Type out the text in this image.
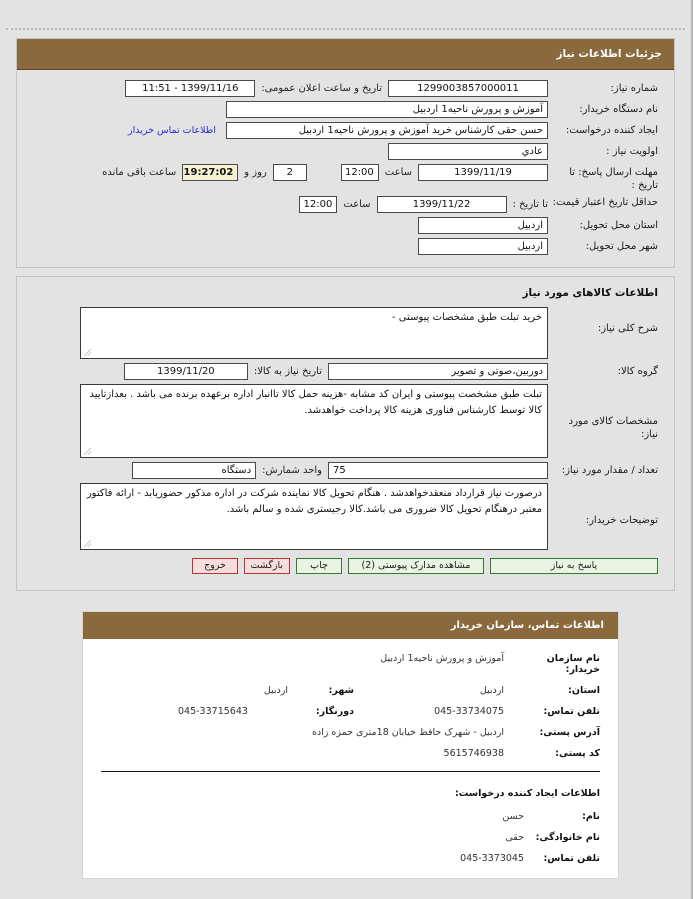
جزئیات اطلاعات نیاز
شماره نیاز:
1299003857000011
تاریخ و ساعت اعلان عمومی:
1399/11/16 - 11:51
نام دستگاه خریدار:
آموزش و پرورش ناحیه1 اردبیل
ایجاد کننده درخواست:
حسن حقی کارشناس خرید آموزش و پرورش ناحیه1 اردبیل
اطلاعات تماس خریدار
اولویت نیاز :
عادي
مهلت ارسال پاسخ: تا تاریخ :
1399/11/19
ساعت
12:00
2
روز و
19:27:02
ساعت باقی مانده
حداقل تاریخ اعتبار قیمت:
تا تاریخ :
1399/11/22
ساعت
12:00
استان محل تحویل:
اردبیل
شهر محل تحویل:
اردبیل
اطلاعات کالاهای مورد نیاز
شرح کلی نیاز:
خرید تبلت طبق مشخصات پیوستی -
گروه کالا:
دوربین،صوتی و تصویر
تاریخ نیاز به کالا:
1399/11/20
مشخصات کالای مورد نیاز:
تبلت طبق مشخصت پیوستی و ایران کد مشابه -هزینه حمل کالا تاانبار اداره برعهده برنده می باشد . بعدازتایید کالا توسط کارشناس فناوری هزینه کالا پرداخت خواهدشد.
تعداد / مقدار مورد نیاز:
75
واحد شمارش:
دستگاه
توضیحات خریدار:
درصورت نیاز قرارداد منعقدخواهدشد . هنگام تحویل کالا نماینده شرکت در اداره مذکور حضوریابد - ارائه فاکتور معتبر درهنگام تحویل کالا ضروری می باشد.کالا رجیستری شده و سالم باشد.
پاسخ به نیاز
مشاهده مدارک پیوستی (2)
چاپ
بازگشت
خروج
اطلاعات تماس، سازمان خریدار
نام سازمان خریدار:
آموزش و پرورش ناحیه1 اردبیل
استان:
اردبیل
شهر:
اردبیل
تلفن تماس:
045-33734075
دورنگار:
045-33715643
آدرس پستی:
اردبیل - شهرک حافظ خیابان 18متری حمزه زاده
کد پستی:
5615746938
اطلاعات ایجاد کننده درخواست:
نام:
حسن
نام خانوادگی:
حقی
تلفن تماس:
045-3373045
